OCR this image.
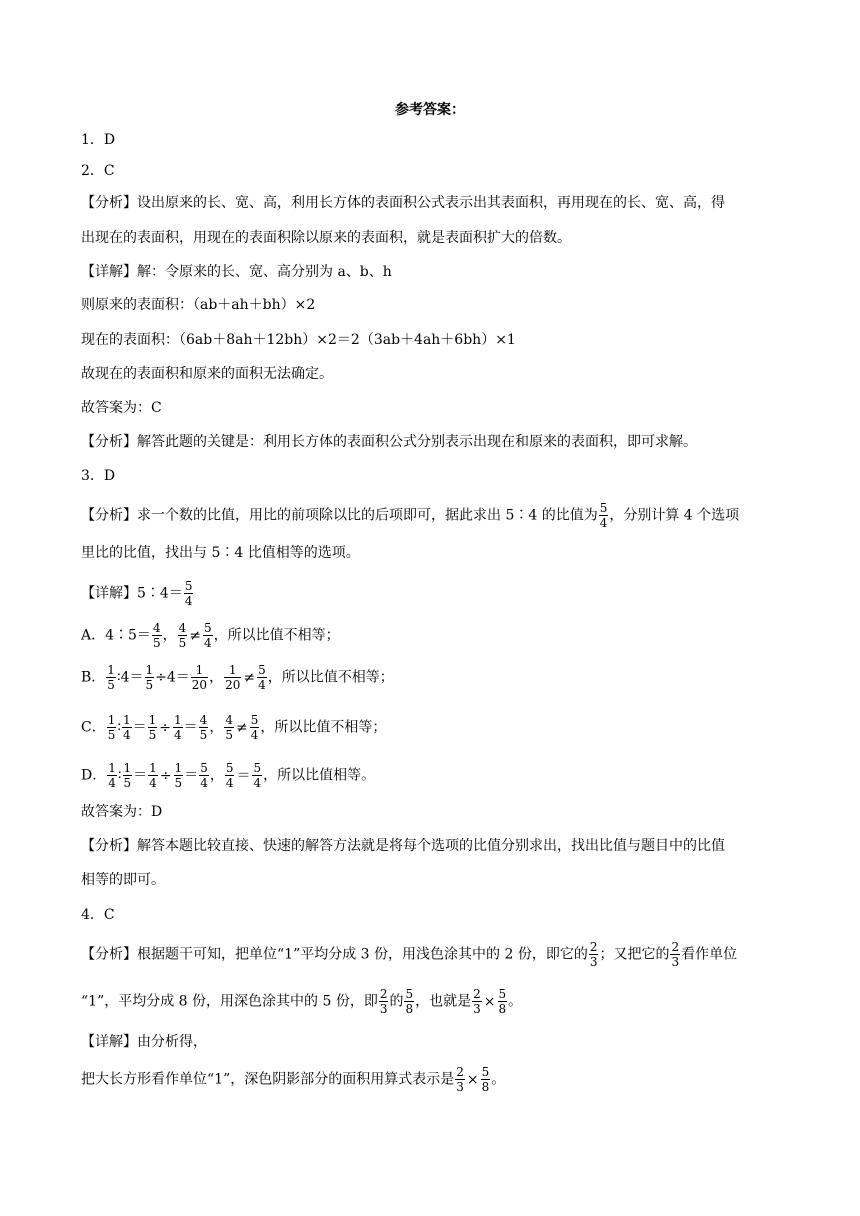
参考答案：
1．D
2．C
【分析】设出原来的长、宽、高，利用长方体的表面积公式表示出其表面积，再用现在的长、宽、高，得
出现在的表面积，用现在的表面积除以原来的表面积，就是表面积扩大的倍数。
【详解】解：令原来的长、宽、高分别为 a、b、h
则原来的表面积：（ab＋ah＋bh）×2
现在的表面积：（6ab＋8ah＋12bh）×2＝2（3ab＋4ah＋6bh）×1
故现在的表面积和原来的面积无法确定。
故答案为：C
【分析】解答此题的关键是：利用长方体的表面积公式分别表示出现在和原来的表面积，即可求解。
3．D
【分析】求一个数的比值，用比的前项除以比的后项即可，据此求出 5∶4 的比值为 $\frac{5}{4}$ ，分别计算 4 个选项
里比的比值，找出与 5∶4 比值相等的选项。
【详解】5∶4＝ $\frac{5}{4}$
A．4∶5＝ $\frac{4}{5}$ ， $\frac{4}{5} \ne \frac{5}{4}$ ，所以比值不相等；
B． $\frac{1}{5}$ ∶4＝ $\frac{1}{5} \div 4= \frac{1}{20}$ ， $\frac{1}{20} \ne \frac{5}{4}$ ，所以比值不相等；
C． $\frac{1}{5}$ ∶ $\frac{1}{4} = \frac{1}{5} \div \frac{1}{4} = \frac{4}{5}$ ， $\frac{4}{5} \ne \frac{5}{4}$ ，所以比值不相等；
D． $\frac{1}{4}$ ∶ $\frac{1}{5} = \frac{1}{4} \div \frac{1}{5} = \frac{5}{4}$ ， $\frac{5}{4} = \frac{5}{4}$ ，所以比值相等。
故答案为：D
【分析】解答本题比较直接、快速的解答方法就是将每个选项的比值分别求出，找出比值与题目中的比值
相等的即可。
4．C
【分析】根据题干可知，把单位“1”平均分成 3 份，用浅色涂其中的 2 份，即它的 $\frac{2}{3}$ ；又把它的 $\frac{2}{3}$ 看作单位
“1”，平均分成 8 份，用深色涂其中的 5 份，即 $\frac{2}{3}$ 的 $\frac{5}{8}$ ，也就是 $\frac{2}{3} \times \frac{5}{8}$ 。
【详解】由分析得，
把大长方形看作单位“1”，深色阴影部分的面积用算式表示是 $\frac{2}{3} \times \frac{5}{8}$ 。
